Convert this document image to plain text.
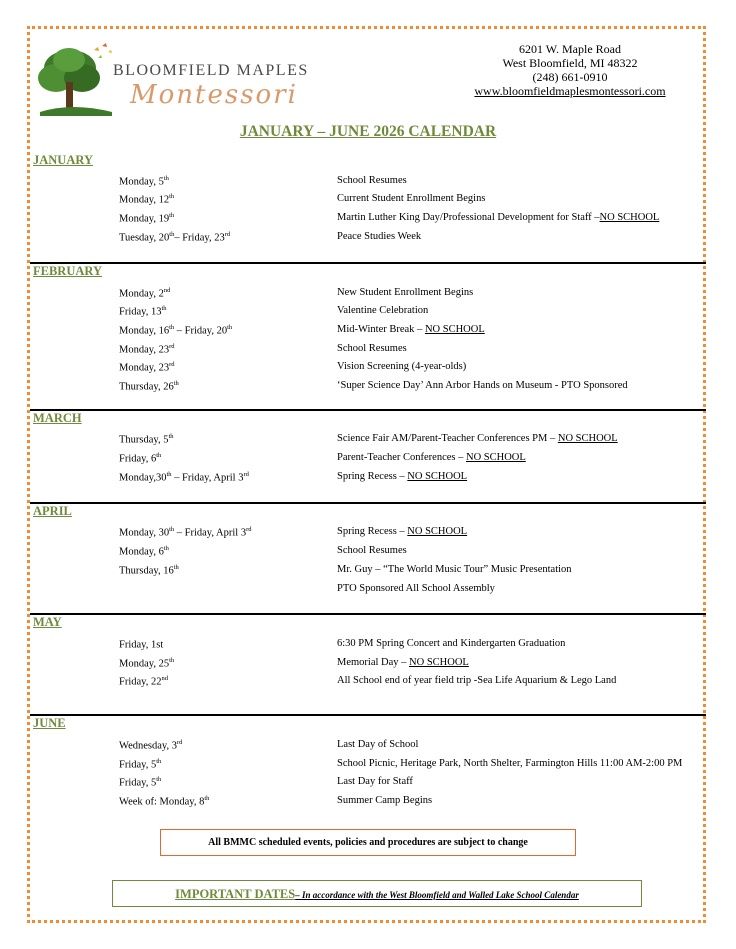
BLOOMFIELD MAPLES
Montessori
6201 W. Maple Road
West Bloomfield, MI 48322
(248) 661-0910
www.bloomfieldmaplesmontessori.com
JANUARY – JUNE 2026 CALENDAR
JANUARY
Monday, 5th	School Resumes
Monday, 12th	Current Student Enrollment Begins
Monday, 19th	Martin Luther King Day/Professional Development for Staff –NO SCHOOL
Tuesday, 20th– Friday, 23rd	Peace Studies Week
FEBRUARY
Monday, 2nd	New Student Enrollment Begins
Friday, 13th	Valentine Celebration
Monday, 16th – Friday, 20th	Mid-Winter Break – NO SCHOOL
Monday, 23rd	School Resumes
Monday, 23rd	Vision Screening (4-year-olds)
Thursday, 26th	‘Super Science Day’ Ann Arbor Hands on Museum - PTO Sponsored
MARCH
Thursday, 5th	Science Fair AM/Parent-Teacher Conferences PM – NO SCHOOL
Friday, 6th	Parent-Teacher Conferences – NO SCHOOL
Monday,30th – Friday, April 3rd	Spring Recess – NO SCHOOL
APRIL
Monday, 30th – Friday, April 3rd	Spring Recess – NO SCHOOL
Monday, 6th	School Resumes
Thursday, 16th	Mr. Guy – “The World Music Tour” Music Presentation
PTO Sponsored All School Assembly
MAY
Friday, 1st	6:30 PM Spring Concert and Kindergarten Graduation
Monday, 25th	Memorial Day – NO SCHOOL
Friday, 22nd	All School end of year field trip -Sea Life Aquarium & Lego Land
JUNE
Wednesday, 3rd	Last Day of School
Friday, 5th	School Picnic, Heritage Park, North Shelter, Farmington Hills 11:00 AM-2:00 PM
Friday, 5th	Last Day for Staff
Week of: Monday, 8th	Summer Camp Begins
All BMMC scheduled events, policies and procedures are subject to change
IMPORTANT DATES– In accordance with the West Bloomfield and Walled Lake School Calendar
